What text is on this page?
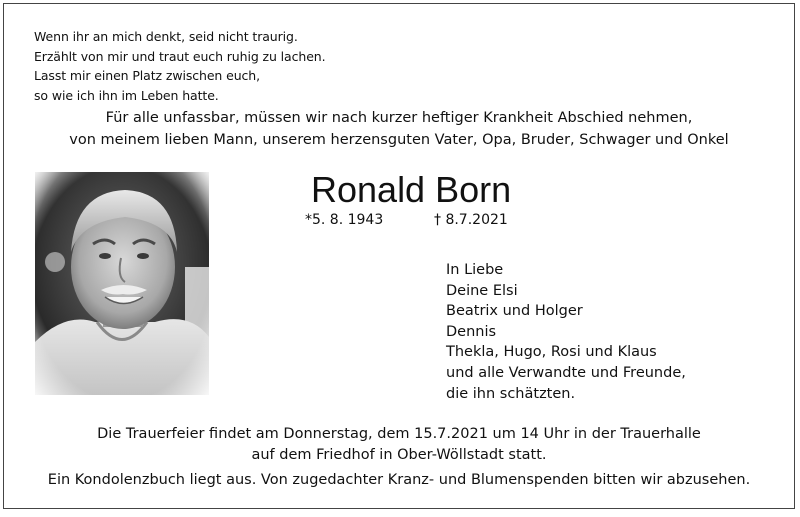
Wenn ihr an mich denkt, seid nicht traurig.
Erzählt von mir und traut euch ruhig zu lachen.
Lasst mir einen Platz zwischen euch,
so wie ich ihn im Leben hatte.
Für alle unfassbar, müssen wir nach kurzer heftiger Krankheit Abschied nehmen,
von meinem lieben Mann, unserem herzensguten Vater, Opa, Bruder, Schwager und Onkel
Ronald Born
*5. 8. 1943	† 8.7.2021
In Liebe
Deine Elsi
Beatrix und Holger
Dennis
Thekla, Hugo, Rosi und Klaus
und alle Verwandte und Freunde,
die ihn schätzten.
Die Trauerfeier findet am Donnerstag, dem 15.7.2021 um 14 Uhr in der Trauerhalle
auf dem Friedhof in Ober-Wöllstadt statt.
Ein Kondolenzbuch liegt aus. Von zugedachter Kranz- und Blumenspenden bitten wir abzusehen.
